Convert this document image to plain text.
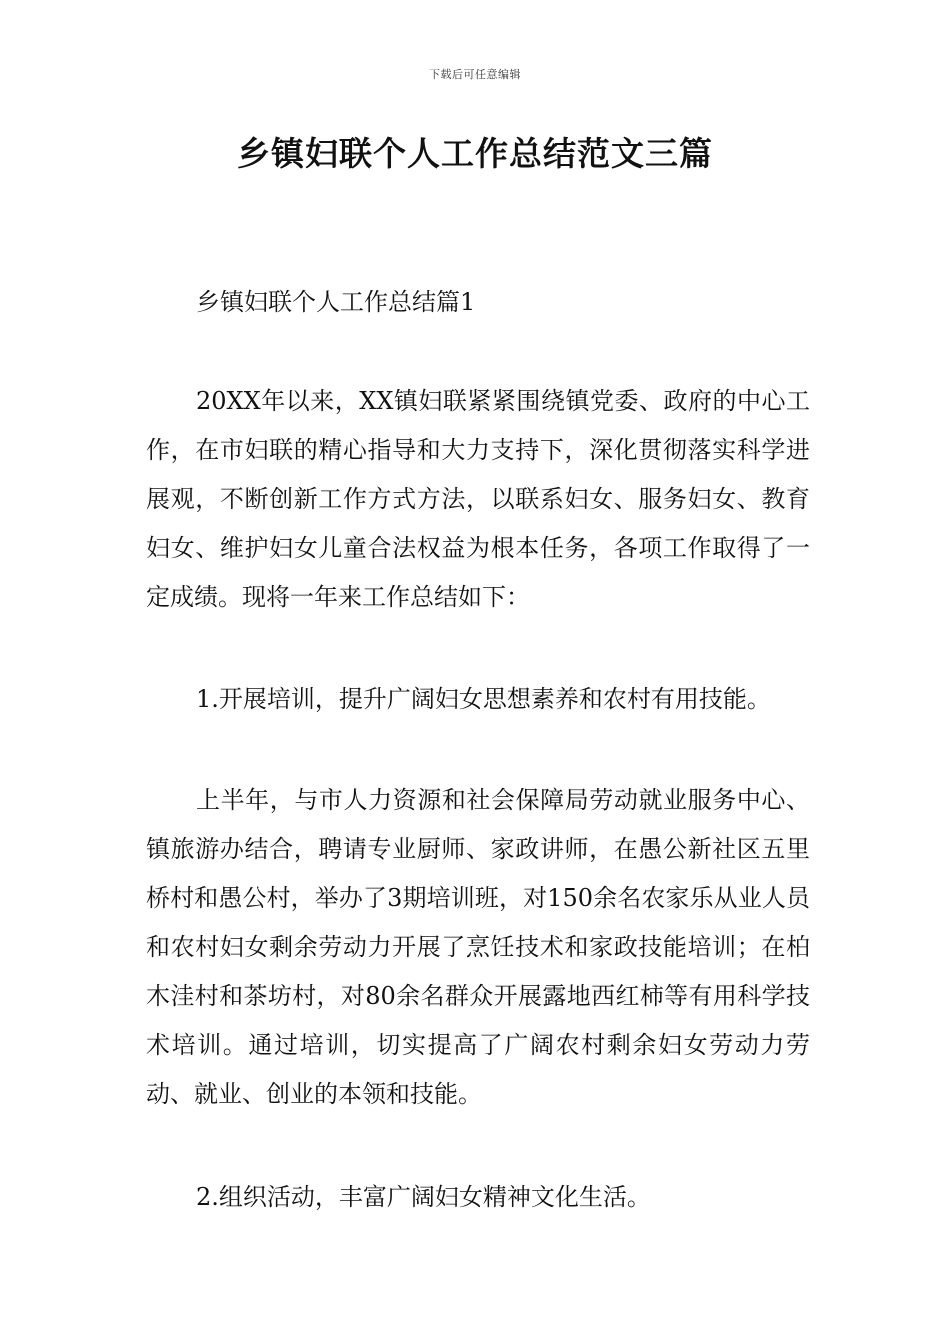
下载后可任意编辑
乡镇妇联个人工作总结范文三篇

乡镇妇联个人工作总结篇1

20XX年以来，XX镇妇联紧紧围绕镇党委、政府的中心工作，在市妇联的精心指导和大力支持下，深化贯彻落实科学进展观，不断创新工作方式方法，以联系妇女、服务妇女、教育妇女、维护妇女儿童合法权益为根本任务，各项工作取得了一定成绩。现将一年来工作总结如下：

1.开展培训，提升广阔妇女思想素养和农村有用技能。

上半年，与市人力资源和社会保障局劳动就业服务中心、镇旅游办结合，聘请专业厨师、家政讲师，在愚公新社区五里桥村和愚公村，举办了3期培训班，对150余名农家乐从业人员和农村妇女剩余劳动力开展了烹饪技术和家政技能培训；在柏木洼村和茶坊村，对80余名群众开展露地西红柿等有用科学技术培训。通过培训，切实提高了广阔农村剩余妇女劳动力劳动、就业、创业的本领和技能。

2.组织活动，丰富广阔妇女精神文化生活。
